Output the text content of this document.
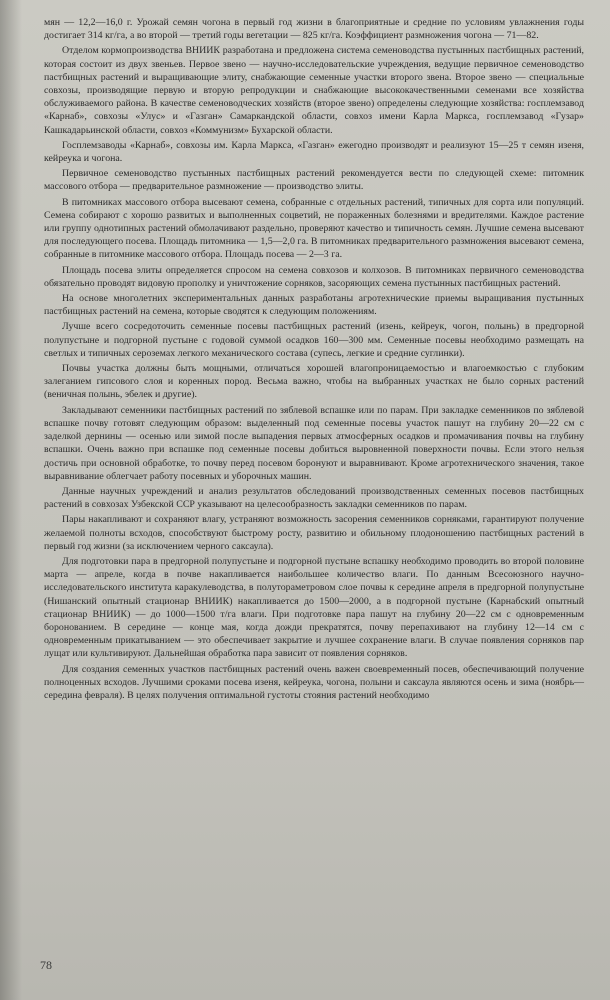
мян — 12,2—16,0 г. Урожай семян чогона в первый год жизни в благоприятные и средние по условиям увлажнения годы достигает 314 кг/га, а во второй — третий годы вегетации — 825 кг/га. Коэффициент размножения чогона — 71—82.

Отделом кормопроизводства ВНИИК разработана и предложена система семеноводства пустынных пастбищных растений, которая состоит из двух звеньев. Первое звено — научно-исследовательские учреждения, ведущие первичное семеноводство пастбищных растений и выращивающие элиту, снабжающие семенные участки второго звена. Второе звено — специальные совхозы, производящие первую и вторую репродукции и снабжающие высококачественными семенами все хозяйства обслуживаемого района. В качестве семеноводческих хозяйств (второе звено) определены следующие хозяйства: госплемзавод «Карнаб», совхозы «Улус» и «Газган» Самаркандской области, совхоз имени Карла Маркса, госплемзавод «Гузар» Кашкадарьинской области, совхоз «Коммунизм» Бухарской области.

Госплемзаводы «Карнаб», совхозы им. Карла Маркса, «Газган» ежегодно производят и реализуют 15—25 т семян изеня, кейреука и чогона.

Первичное семеноводство пустынных пастбищных растений рекомендуется вести по следующей схеме: питомник массового отбора — предварительное размножение — производство элиты.

В питомниках массового отбора высевают семена, собранные с отдельных растений, типичных для сорта или популяций. Семена собирают с хорошо развитых и выполненных соцветий, не пораженных болезнями и вредителями. Каждое растение или группу однотипных растений обмолачивают раздельно, проверяют качество и типичность семян. Лучшие семена высевают для последующего посева. Площадь питомника — 1,5—2,0 га. В питомниках предварительного размножения высевают семена, собранные в питомнике массового отбора. Площадь посева — 2—3 га.

Площадь посева элиты определяется спросом на семена совхозов и колхозов. В питомниках первичного семеноводства обязательно проводят видовую прополку и уничтожение сорняков, засоряющих семена пустынных пастбищных растений.

На основе многолетних экспериментальных данных разработаны агротехнические приемы выращивания пустынных пастбищных растений на семена, которые сводятся к следующим положениям.

Лучше всего сосредоточить семенные посевы пастбищных растений (изень, кейреук, чогон, полынь) в предгорной полупустыне и подгорной пустыне с годовой суммой осадков 160—300 мм. Семенные посевы необходимо размещать на светлых и типичных сероземах легкого механического состава (супесь, легкие и средние суглинки).

Почвы участка должны быть мощными, отличаться хорошей влагопроницаемостью и влагоемкостью с глубоким залеганием гипсового слоя и коренных пород. Весьма важно, чтобы на выбранных участках не было сорных растений (веничная полынь, эбелек и другие).

Закладывают семенники пастбищных растений по зяблевой вспашке или по парам. При закладке семенников по зяблевой вспашке почву готовят следующим образом: выделенный под семенные посевы участок пашут на глубину 20—22 см с заделкой дернины — осенью или зимой после выпадения первых атмосферных осадков и промачивания почвы на глубину вспашки. Очень важно при вспашке под семенные посевы добиться выровненной поверхности почвы. Если этого нельзя достичь при основной обработке, то почву перед посевом боронуют и выравнивают. Кроме агротехнического значения, такое выравнивание облегчает работу посевных и уборочных машин.

Данные научных учреждений и анализ результатов обследований производственных семенных посевов пастбищных растений в совхозах Узбекской ССР указывают на целесообразность закладки семенников по парам.

Пары накапливают и сохраняют влагу, устраняют возможность засорения семенников сорняками, гарантируют получение желаемой полноты всходов, способствуют быстрому росту, развитию и обильному плодоношению пастбищных растений в первый год жизни (за исключением черного саксаула).

Для подготовки пара в предгорной полупустыне и подгорной пустыне вспашку необходимо проводить во второй половине марта — апреле, когда в почве накапливается наибольшее количество влаги. По данным Всесоюзного научно-исследовательского института каракулеводства, в полутораметровом слое почвы к середине апреля в предгорной полупустыне (Нишанский опытный стационар ВНИИК) накапливается до 1500—2000, а в подгорной пустыне (Карнабский опытный стационар ВНИИК) — до 1000—1500 т/га влаги. При подготовке пара пашут на глубину 20—22 см с одновременным боронованием. В середине — конце мая, когда дожди прекратятся, почву перепахивают на глубину 12—14 см с одновременным прикатыванием — это обеспечивает закрытие и лучшее сохранение влаги. В случае появления сорняков пар лущат или культивируют. Дальнейшая обработка пара зависит от появления сорняков.

Для создания семенных участков пастбищных растений очень важен своевременный посев, обеспечивающий получение полноценных всходов. Лучшими сроками посева изеня, кейреука, чогона, полыни и саксаула являются осень и зима (ноябрь—середина февраля). В целях получения оптимальной густоты стояния растений необходимо

78
